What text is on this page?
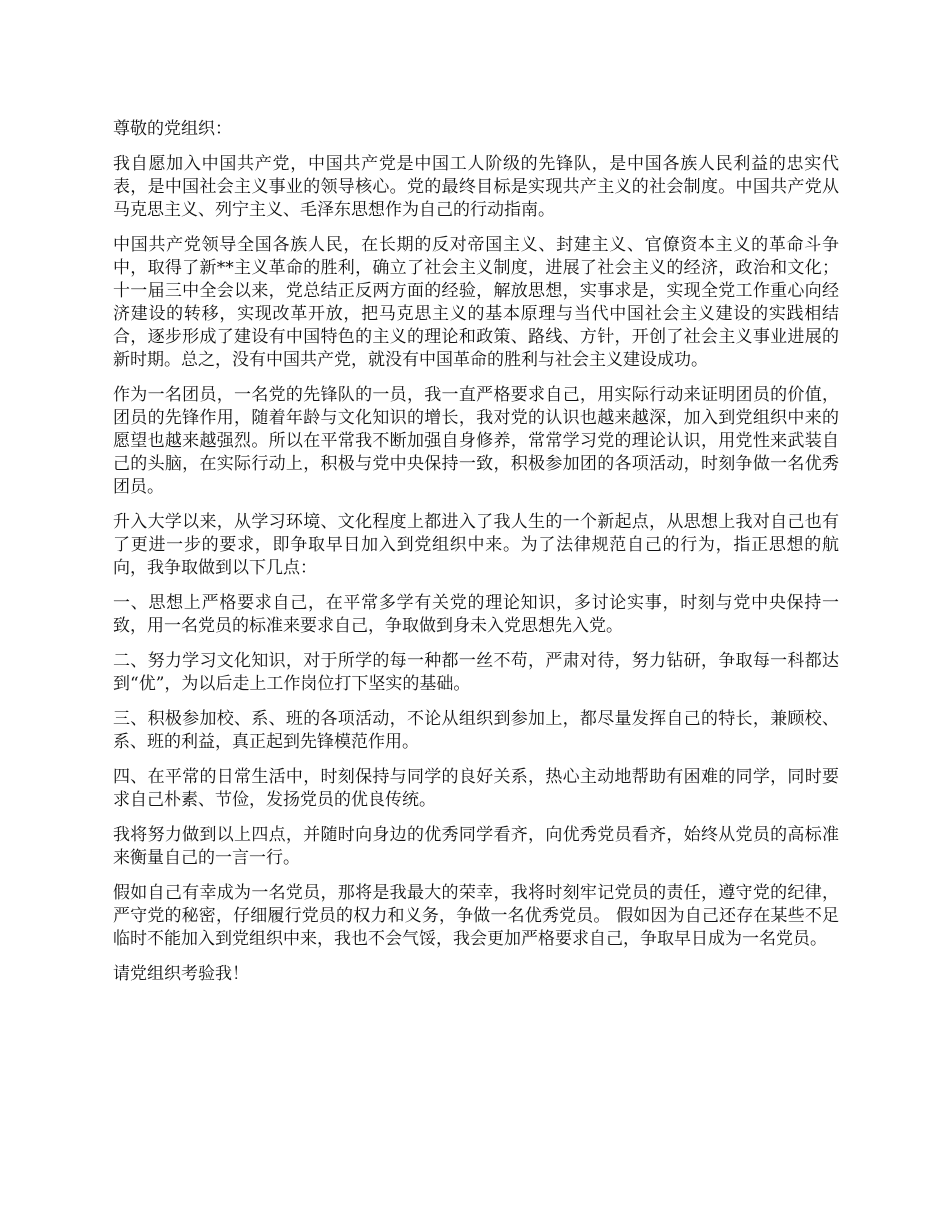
尊敬的党组织：

我自愿加入中国共产党，中国共产党是中国工人阶级的先锋队，是中国各族人民利益的忠实代表，是中国社会主义事业的领导核心。党的最终目标是实现共产主义的社会制度。中国共产党从马克思主义、列宁主义、毛泽东思想作为自己的行动指南。

中国共产党领导全国各族人民，在长期的反对帝国主义、封建主义、官僚资本主义的革命斗争中，取得了新**主义革命的胜利，确立了社会主义制度，进展了社会主义的经济，政治和文化；十一届三中全会以来，党总结正反两方面的经验，解放思想，实事求是，实现全党工作重心向经济建设的转移，实现改革开放，把马克思主义的基本原理与当代中国社会主义建设的实践相结合，逐步形成了建设有中国特色的主义的理论和政策、路线、方针，开创了社会主义事业进展的新时期。总之，没有中国共产党，就没有中国革命的胜利与社会主义建设成功。

作为一名团员，一名党的先锋队的一员，我一直严格要求自己，用实际行动来证明团员的价值，团员的先锋作用，随着年龄与文化知识的增长，我对党的认识也越来越深，加入到党组织中来的愿望也越来越强烈。所以在平常我不断加强自身修养，常常学习党的理论认识，用党性来武装自己的头脑，在实际行动上，积极与党中央保持一致，积极参加团的各项活动，时刻争做一名优秀团员。

升入大学以来，从学习环境、文化程度上都进入了我人生的一个新起点，从思想上我对自己也有了更进一步的要求，即争取早日加入到党组织中来。为了法律规范自己的行为，指正思想的航向，我争取做到以下几点：

一、思想上严格要求自己，在平常多学有关党的理论知识，多讨论实事，时刻与党中央保持一致，用一名党员的标准来要求自己，争取做到身未入党思想先入党。

二、努力学习文化知识，对于所学的每一种都一丝不苟，严肃对待，努力钻研，争取每一科都达到“优”，为以后走上工作岗位打下坚实的基础。

三、积极参加校、系、班的各项活动，不论从组织到参加上，都尽量发挥自己的特长，兼顾校、系、班的利益，真正起到先锋模范作用。

四、在平常的日常生活中，时刻保持与同学的良好关系，热心主动地帮助有困难的同学，同时要求自己朴素、节俭，发扬党员的优良传统。

我将努力做到以上四点，并随时向身边的优秀同学看齐，向优秀党员看齐，始终从党员的高标准来衡量自己的一言一行。

假如自己有幸成为一名党员，那将是我最大的荣幸，我将时刻牢记党员的责任，遵守党的纪律，严守党的秘密，仔细履行党员的权力和义务，争做一名优秀党员。 假如因为自己还存在某些不足临时不能加入到党组织中来，我也不会气馁，我会更加严格要求自己，争取早日成为一名党员。

请党组织考验我！
